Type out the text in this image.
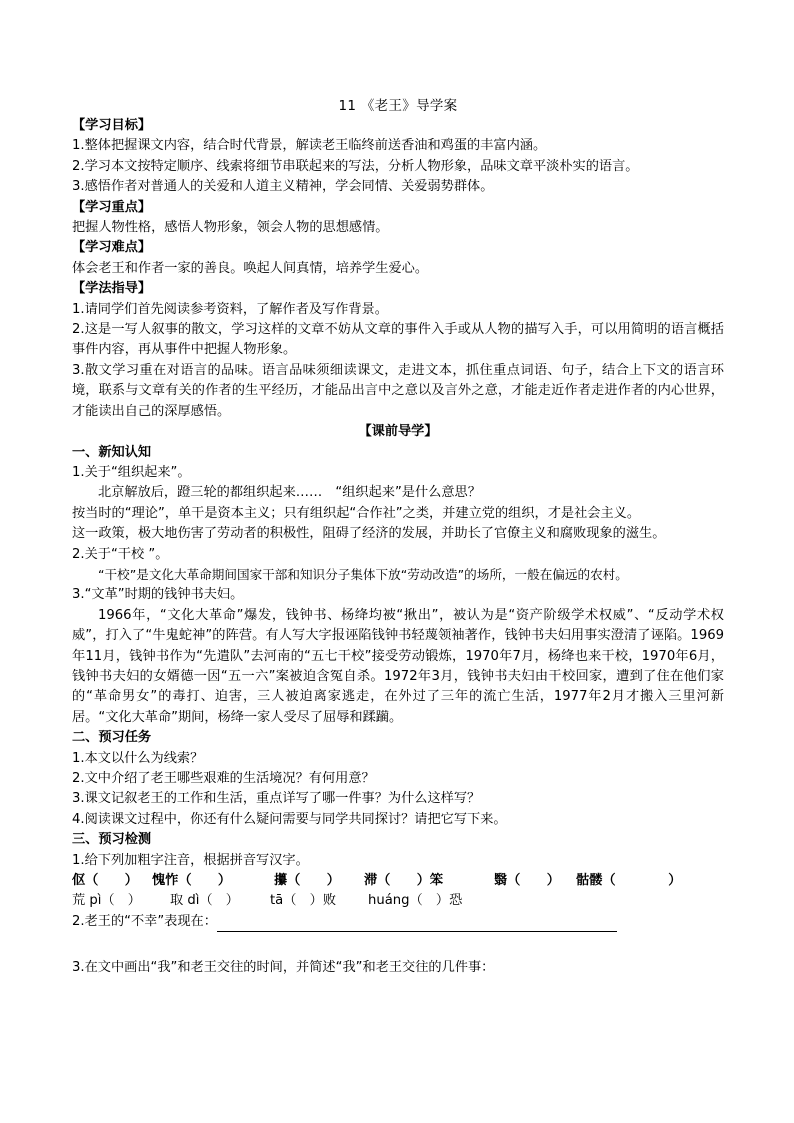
11 《老王》导学案

【学习目标】

1.整体把握课文内容，结合时代背景，解读老王临终前送香油和鸡蛋的丰富内涵。

2.学习本文按特定顺序、线索将细节串联起来的写法，分析人物形象，品味文章平淡朴实的语言。

3.感悟作者对普通人的关爱和人道主义精神，学会同情、关爱弱势群体。

【学习重点】

把握人物性格，感悟人物形象，领会人物的思想感情。

【学习难点】

体会老王和作者一家的善良。唤起人间真情，培养学生爱心。

【学法指导】

1.请同学们首先阅读参考资料，了解作者及写作背景。

2.这是一写人叙事的散文，学习这样的文章不妨从文章的事件入手或从人物的描写入手，可以用简明的语言概括事件内容，再从事件中把握人物形象。

3.散文学习重在对语言的品味。语言品味须细读课文，走进文本，抓住重点词语、句子，结合上下文的语言环境，联系与文章有关的作者的生平经历，才能品出言中之意以及言外之意，才能走近作者走进作者的内心世界，才能读出自己的深厚感悟。

【课前导学】

一、新知认知

1.关于“组织起来”。

北京解放后，蹬三轮的都组织起来……　“组织起来”是什么意思？

按当时的“理论”，单干是资本主义；只有组织起“合作社”之类，并建立党的组织，才是社会主义。

这一政策，极大地伤害了劳动者的积极性，阻碍了经济的发展，并助长了官僚主义和腐败现象的滋生。

2.关于“干校 ”。

“干校”是文化大革命期间国家干部和知识分子集体下放“劳动改造”的场所，一般在偏远的农村。

3.“文革”时期的钱钟书夫妇。

1966年，“文化大革命”爆发，钱钟书、杨绛均被“揪出”，被认为是“资产阶级学术权威”、“反动学术权威”，打入了“牛鬼蛇神”的阵营。有人写大字报诬陷钱钟书轻蔑领袖著作，钱钟书夫妇用事实澄清了诬陷。1969年11月，钱钟书作为“先遣队”去河南的“五七干校”接受劳动锻炼，1970年7月，杨绛也来干校，1970年6月，钱钟书夫妇的女婿德一因“五一六”案被迫含冤自杀。1972年3月，钱钟书夫妇由干校回家，遭到了住在他们家的“革命男女”的毒打、迫害，三人被迫离家逃走，在外过了三年的流亡生活，1977年2月才搬入三里河新居。“文化大革命”期间，杨绛一家人受尽了屈辱和蹂躏。

二、预习任务

1.本文以什么为线索？

2.文中介绍了老王哪些艰难的生活境况？有何用意？

3.课文记叙老王的工作和生活，重点详写了哪一件事？为什么这样写？

4.阅读课文过程中，你还有什么疑问需要与同学共同探讨？请把它写下来。

三、预习检测

1.给下列加粗字注音，根据拼音写汉字。

伛（　　）	愧怍（　　）	攥（　　）	滞（　　）笨	翳（　　）	骷髅（　　　　）
荒 pì（　）	取 dì（　）	tā（　）败	huáng（　）恐

2.老王的“不幸”表现在：

3.在文中画出“我”和老王交往的时间，并简述“我”和老王交往的几件事：
